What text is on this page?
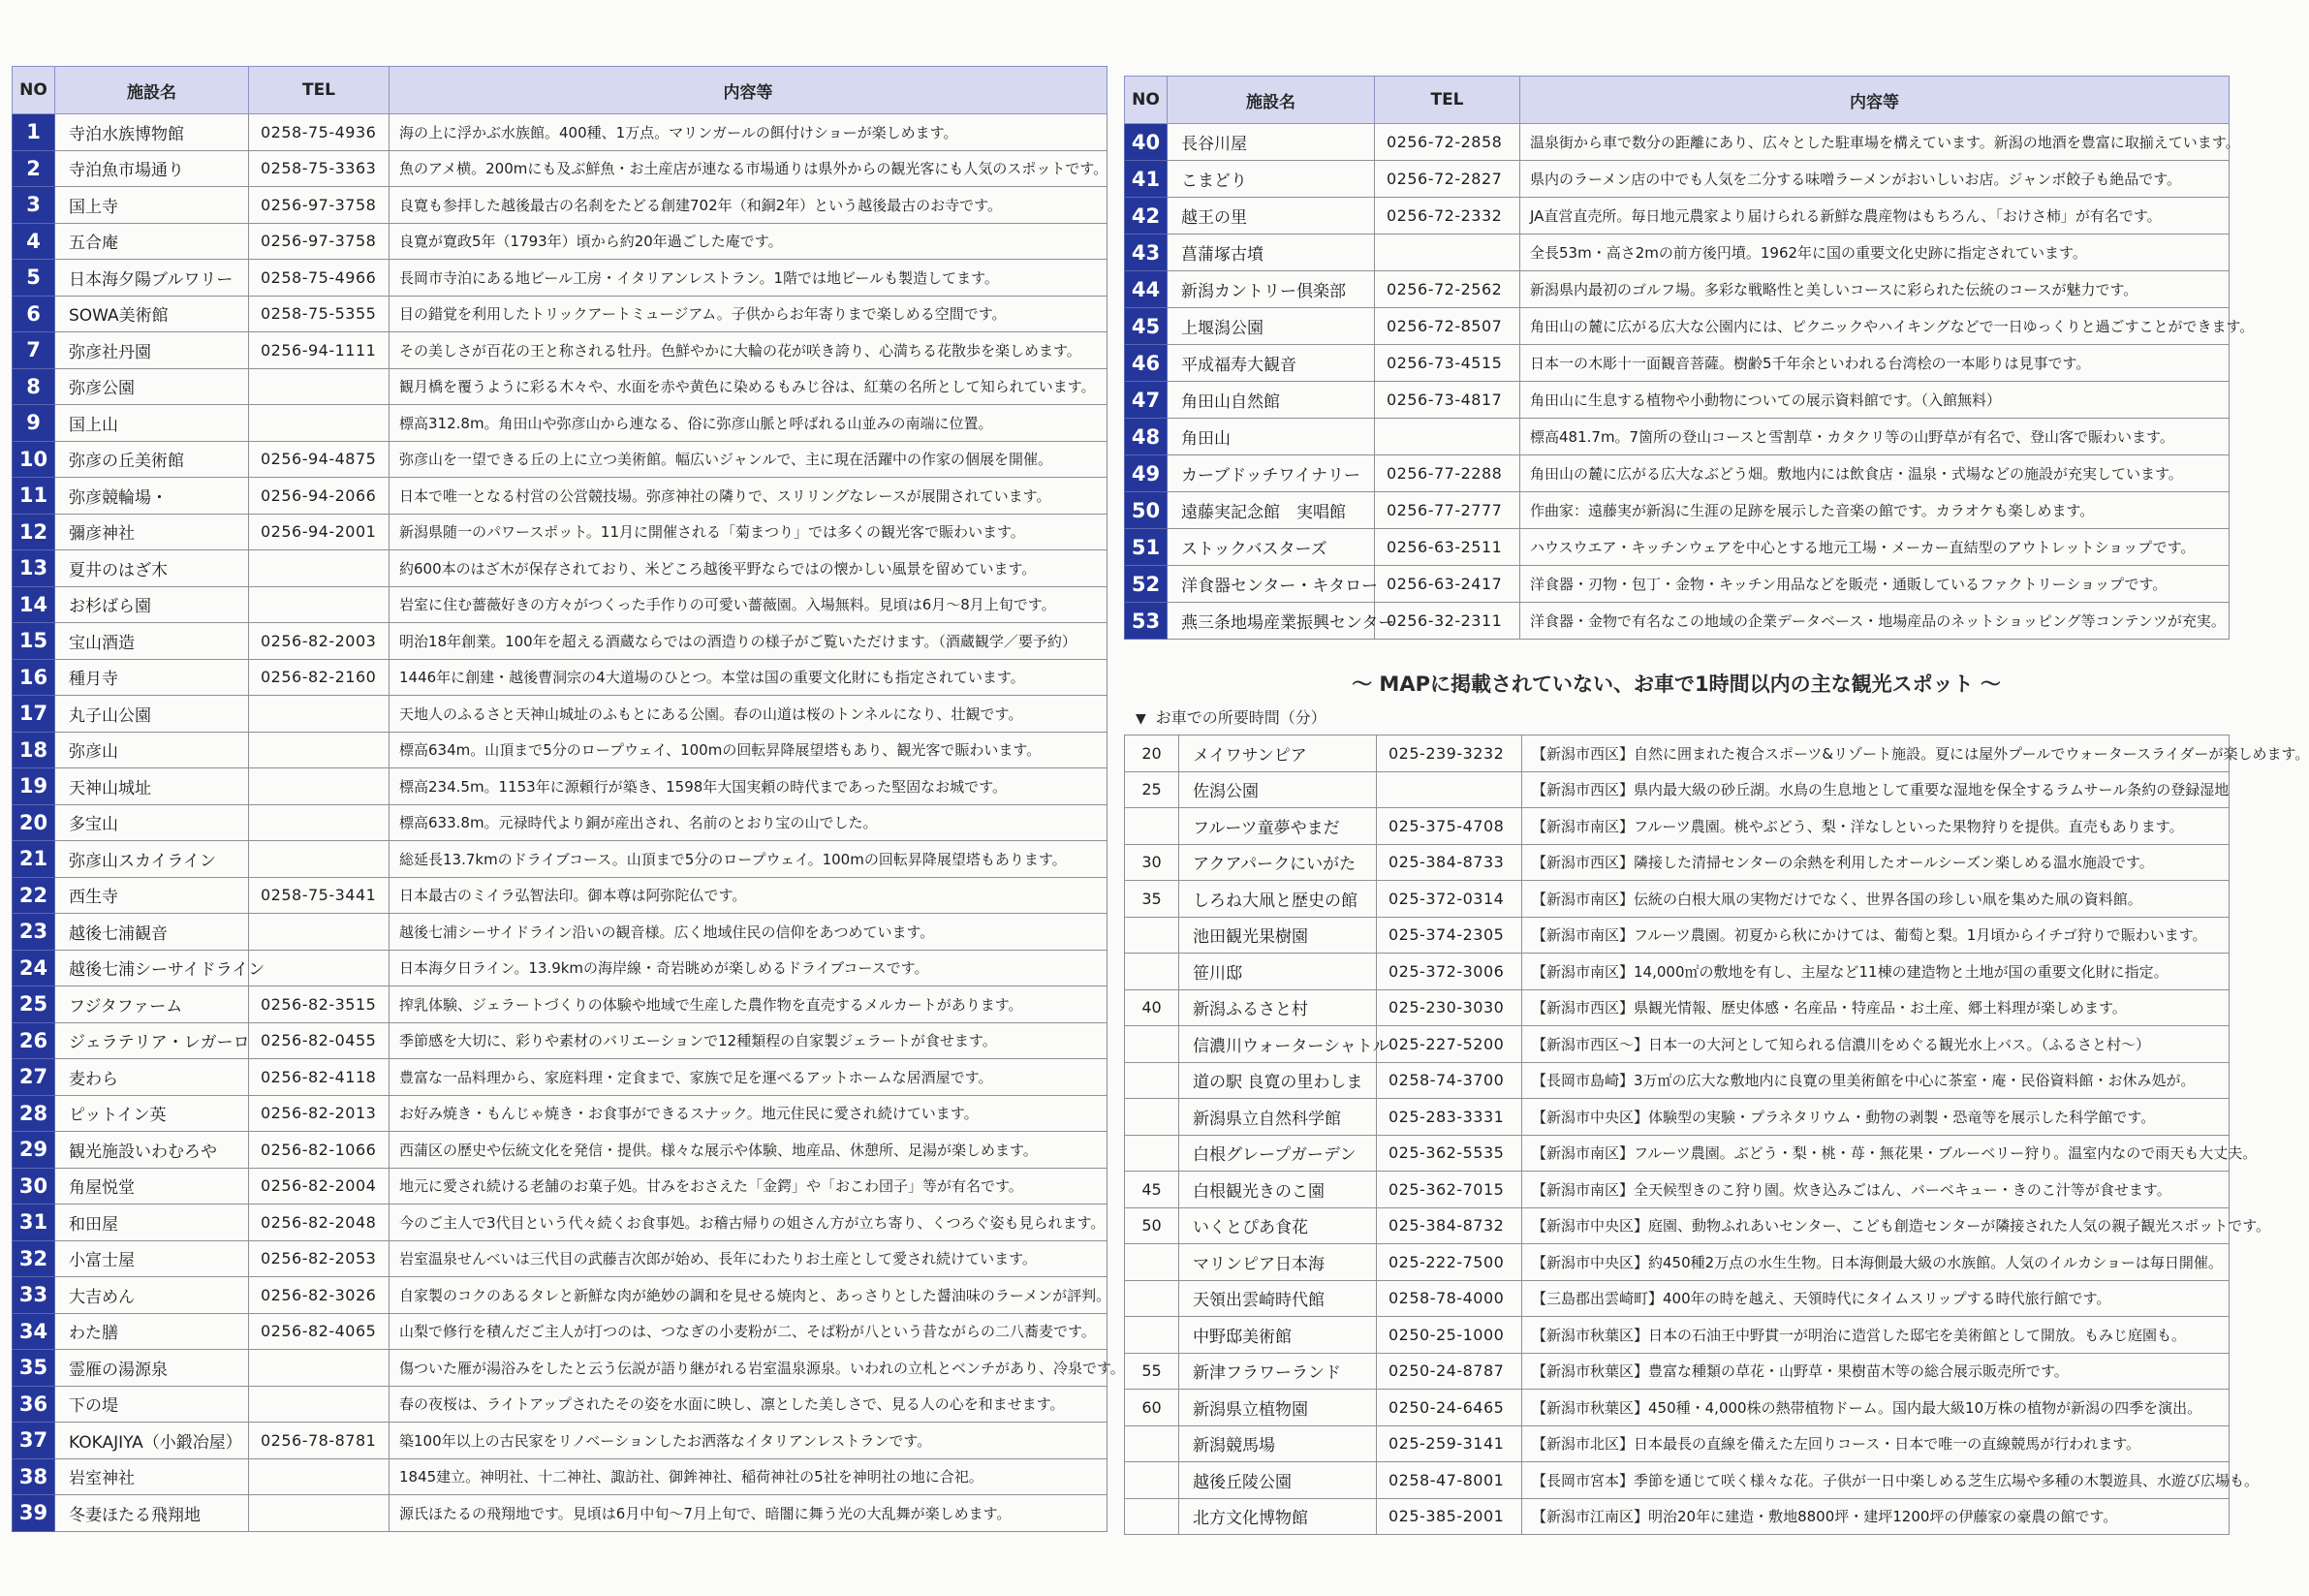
NO	施設名	TEL	内容等
1	寺泊水族博物館	0258-75-4936	海の上に浮かぶ水族館。400種、1万点。マリンガールの餌付けショーが楽しめます。
2	寺泊魚市場通り	0258-75-3363	魚のアメ横。200mにも及ぶ鮮魚・お土産店が連なる市場通りは県外からの観光客にも人気のスポットです。
3	国上寺	0256-97-3758	良寛も参拝した越後最古の名刹をたどる創建702年（和銅2年）という越後最古のお寺です。
4	五合庵	0256-97-3758	良寛が寛政5年（1793年）頃から約20年過ごした庵です。
5	日本海夕陽ブルワリー	0258-75-4966	長岡市寺泊にある地ビール工房・イタリアンレストラン。1階では地ビールも製造してます。
6	SOWA美術館	0258-75-5355	目の錯覚を利用したトリックアートミュージアム。子供からお年寄りまで楽しめる空間です。
7	弥彦社丹園	0256-94-1111	その美しさが百花の王と称される牡丹。色鮮やかに大輪の花が咲き誇り、心満ちる花散歩を楽しめます。
8	弥彦公園		観月橋を覆うように彩る木々や、水面を赤や黄色に染めるもみじ谷は、紅葉の名所として知られています。
9	国上山		標高312.8m。角田山や弥彦山から連なる、俗に弥彦山脈と呼ばれる山並みの南端に位置。
10	弥彦の丘美術館	0256-94-4875	弥彦山を一望できる丘の上に立つ美術館。幅広いジャンルで、主に現在活躍中の作家の個展を開催。
11	弥彦競輪場・	0256-94-2066	日本で唯一となる村営の公営競技場。弥彦神社の隣りで、スリリングなレースが展開されています。
12	彌彦神社	0256-94-2001	新潟県随一のパワースポット。11月に開催される「菊まつり」では多くの観光客で賑わいます。
13	夏井のはざ木		約600本のはざ木が保存されており、米どころ越後平野ならではの懐かしい風景を留めています。
14	お杉ばら園		岩室に住む薔薇好きの方々がつくった手作りの可愛い薔薇園。入場無料。見頃は6月～8月上旬です。
15	宝山酒造	0256-82-2003	明治18年創業。100年を超える酒蔵ならではの酒造りの様子がご覧いただけます。（酒蔵観学／要予約）
16	種月寺	0256-82-2160	1446年に創建・越後曹洞宗の4大道場のひとつ。本堂は国の重要文化財にも指定されています。
17	丸子山公園		天地人のふるさと天神山城址のふもとにある公園。春の山道は桜のトンネルになり、壮観です。
18	弥彦山		標高634m。山頂まで5分のロープウェイ、100mの回転昇降展望塔もあり、観光客で賑わいます。
19	天神山城址		標高234.5m。1153年に源頼行が築き、1598年大国実頼の時代まであった堅固なお城です。
20	多宝山		標高633.8m。元禄時代より銅が産出され、名前のとおり宝の山でした。
21	弥彦山スカイライン		総延長13.7kmのドライブコース。山頂まで5分のロープウェイ。100mの回転昇降展望塔もあります。
22	西生寺	0258-75-3441	日本最古のミイラ弘智法印。御本尊は阿弥陀仏です。
23	越後七浦観音		越後七浦シーサイドライン沿いの観音様。広く地域住民の信仰をあつめています。
24	越後七浦シーサイドライン		日本海夕日ライン。13.9kmの海岸線・奇岩眺めが楽しめるドライブコースです。
25	フジタファーム	0256-82-3515	搾乳体験、ジェラートづくりの体験や地域で生産した農作物を直売するメルカートがあります。
26	ジェラテリア・レガーロ	0256-82-0455	季節感を大切に、彩りや素材のバリエーションで12種類程の自家製ジェラートが食せます。
27	麦わら	0256-82-4118	豊富な一品料理から、家庭料理・定食まで、家族で足を運べるアットホームな居酒屋です。
28	ピットイン英	0256-82-2013	お好み焼き・もんじゃ焼き・お食事ができるスナック。地元住民に愛され続けています。
29	観光施設いわむろや	0256-82-1066	西蒲区の歴史や伝統文化を発信・提供。様々な展示や体験、地産品、休憩所、足湯が楽しめます。
30	角屋悦堂	0256-82-2004	地元に愛され続ける老舗のお菓子処。甘みをおさえた「金鍔」や「おこわ団子」等が有名です。
31	和田屋	0256-82-2048	今のご主人で3代目という代々続くお食事処。お稽古帰りの姐さん方が立ち寄り、くつろぐ姿も見られます。
32	小富士屋	0256-82-2053	岩室温泉せんべいは三代目の武藤吉次郎が始め、長年にわたりお土産として愛され続けています。
33	大吉めん	0256-82-3026	自家製のコクのあるタレと新鮮な肉が絶妙の調和を見せる焼肉と、あっさりとした醤油味のラーメンが評判。
34	わた膳	0256-82-4065	山梨で修行を積んだご主人が打つのは、つなぎの小麦粉が二、そば粉が八という昔ながらの二八蕎麦です。
35	霊雁の湯源泉		傷ついた雁が湯浴みをしたと云う伝説が語り継がれる岩室温泉源泉。いわれの立札とベンチがあり、冷泉です。
36	下の堤		春の夜桜は、ライトアップされたその姿を水面に映し、凛とした美しさで、見る人の心を和ませます。
37	KOKAJIYA（小鍛冶屋）	0256-78-8781	築100年以上の古民家をリノベーションしたお洒落なイタリアンレストランです。
38	岩室神社		1845建立。神明社、十二神社、諏訪社、御鉾神社、稲荷神社の5社を神明社の地に合祀。
39	冬妻ほたる飛翔地		源氏ほたるの飛翔地です。見頃は6月中旬～7月上旬で、暗闇に舞う光の大乱舞が楽しめます。
NO	施設名	TEL	内容等
40	長谷川屋	0256-72-2858	温泉街から車で数分の距離にあり、広々とした駐車場を構えています。新潟の地酒を豊富に取揃えています。
41	こまどり	0256-72-2827	県内のラーメン店の中でも人気を二分する味噌ラーメンがおいしいお店。ジャンボ餃子も絶品です。
42	越王の里	0256-72-2332	JA直営直売所。毎日地元農家より届けられる新鮮な農産物はもちろん、「おけさ柿」が有名です。
43	菖蒲塚古墳		全長53m・高さ2mの前方後円墳。1962年に国の重要文化史跡に指定されています。
44	新潟カントリー倶楽部	0256-72-2562	新潟県内最初のゴルフ場。多彩な戦略性と美しいコースに彩られた伝統のコースが魅力です。
45	上堰潟公園	0256-72-8507	角田山の麓に広がる広大な公園内には、ピクニックやハイキングなどで一日ゆっくりと過ごすことができます。
46	平成福寿大観音	0256-73-4515	日本一の木彫十一面観音菩薩。樹齢5千年余といわれる台湾桧の一本彫りは見事です。
47	角田山自然館	0256-73-4817	角田山に生息する植物や小動物についての展示資料館です。（入館無料）
48	角田山		標高481.7m。7箇所の登山コースと雪割草・カタクリ等の山野草が有名で、登山客で賑わいます。
49	カーブドッチワイナリー	0256-77-2288	角田山の麓に広がる広大なぶどう畑。敷地内には飲食店・温泉・式場などの施設が充実しています。
50	遠藤実記念館　実唱館	0256-77-2777	作曲家：遠藤実が新潟に生涯の足跡を展示した音楽の館です。カラオケも楽しめます。
51	ストックバスターズ	0256-63-2511	ハウスウエア・キッチンウェアを中心とする地元工場・メーカー直結型のアウトレットショップです。
52	洋食器センター・キタロー	0256-63-2417	洋食器・刃物・包丁・金物・キッチン用品などを販売・通販しているファクトリーショップです。
53	燕三条地場産業振興センター	0256-32-2311	洋食器・金物で有名なこの地域の企業データベース・地場産品のネットショッピング等コンテンツが充実。
～ MAPに掲載されていない、お車で1時間以内の主な観光スポット ～
▼ お車での所要時間（分）
20	メイワサンピア	025-239-3232	【新潟市西区】自然に囲まれた複合スポーツ&リゾート施設。夏には屋外プールでウォータースライダーが楽しめます。
25	佐潟公園		【新潟市西区】県内最大級の砂丘湖。水鳥の生息地として重要な湿地を保全するラムサール条約の登録湿地
	フルーツ童夢やまだ	025-375-4708	【新潟市南区】フルーツ農園。桃やぶどう、梨・洋なしといった果物狩りを提供。直売もあります。
30	アクアパークにいがた	025-384-8733	【新潟市西区】隣接した清掃センターの余熱を利用したオールシーズン楽しめる温水施設です。
35	しろね大凧と歴史の館	025-372-0314	【新潟市南区】伝統の白根大凧の実物だけでなく、世界各国の珍しい凧を集めた凧の資料館。
	池田観光果樹園	025-374-2305	【新潟市南区】フルーツ農園。初夏から秋にかけては、葡萄と梨。1月頃からイチゴ狩りで賑わいます。
	笹川邸	025-372-3006	【新潟市南区】14,000㎡の敷地を有し、主屋など11棟の建造物と土地が国の重要文化財に指定。
40	新潟ふるさと村	025-230-3030	【新潟市西区】県観光情報、歴史体感・名産品・特産品・お土産、郷土料理が楽しめます。
	信濃川ウォーターシャトル	025-227-5200	【新潟市西区～】日本一の大河として知られる信濃川をめぐる観光水上バス。（ふるさと村～）
	道の駅 良寛の里わしま	0258-74-3700	【長岡市島崎】3万㎡の広大な敷地内に良寛の里美術館を中心に茶室・庵・民俗資料館・お休み処が。
	新潟県立自然科学館	025-283-3331	【新潟市中央区】体験型の実験・プラネタリウム・動物の剥製・恐竜等を展示した科学館です。
	白根グレープガーデン	025-362-5535	【新潟市南区】フルーツ農園。ぶどう・梨・桃・苺・無花果・ブルーベリー狩り。温室内なので雨天も大丈夫。
45	白根観光きのこ園	025-362-7015	【新潟市南区】全天候型きのこ狩り園。炊き込みごはん、バーベキュー・きのこ汁等が食せます。
50	いくとぴあ食花	025-384-8732	【新潟市中央区】庭園、動物ふれあいセンター、こども創造センターが隣接された人気の親子観光スポットです。
	マリンピア日本海	025-222-7500	【新潟市中央区】約450種2万点の水生生物。日本海側最大級の水族館。人気のイルカショーは毎日開催。
	天領出雲崎時代館	0258-78-4000	【三島郡出雲崎町】400年の時を越え、天領時代にタイムスリップする時代旅行館です。
	中野邸美術館	0250-25-1000	【新潟市秋葉区】日本の石油王中野貫一が明治に造営した邸宅を美術館として開放。もみじ庭園も。
55	新津フラワーランド	0250-24-8787	【新潟市秋葉区】豊富な種類の草花・山野草・果樹苗木等の総合展示販売所です。
60	新潟県立植物園	0250-24-6465	【新潟市秋葉区】450種・4,000株の熱帯植物ドーム。国内最大級10万株の植物が新潟の四季を演出。
	新潟競馬場	025-259-3141	【新潟市北区】日本最長の直線を備えた左回りコース・日本で唯一の直線競馬が行われます。
	越後丘陵公園	0258-47-8001	【長岡市宮本】季節を通じて咲く様々な花。子供が一日中楽しめる芝生広場や多種の木製遊具、水遊び広場も。
	北方文化博物館	025-385-2001	【新潟市江南区】明治20年に建造・敷地8800坪・建坪1200坪の伊藤家の豪農の館です。
